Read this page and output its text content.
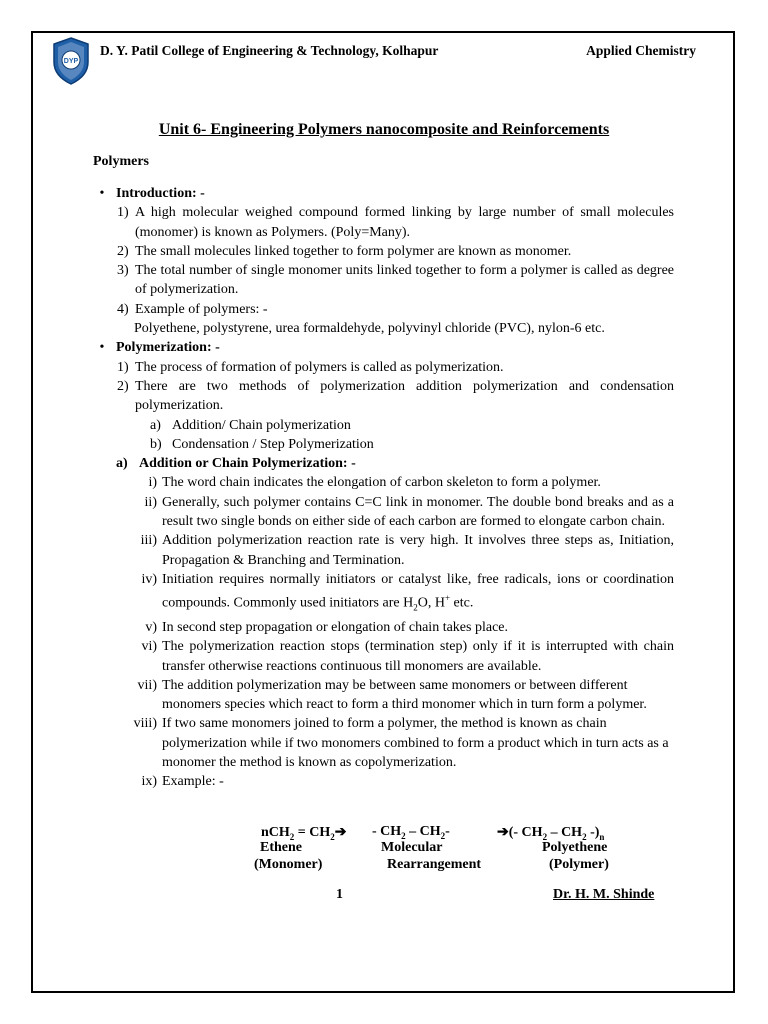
DYP
D. Y. Patil College of Engineering & Technology, Kolhapur	Applied Chemistry
Unit 6- Engineering Polymers nanocomposite and Reinforcements
Polymers
• Introduction: -
1) A high molecular weighed compound formed linking by large number of small molecules (monomer) is known as Polymers. (Poly=Many).
2) The small molecules linked together to form polymer are known as monomer.
3) The total number of single monomer units linked together to form a polymer is called as degree of polymerization.
4) Example of polymers: -
Polyethene, polystyrene, urea formaldehyde, polyvinyl chloride (PVC), nylon-6 etc.
• Polymerization: -
1) The process of formation of polymers is called as polymerization.
2) There are two methods of polymerization addition polymerization and condensation polymerization.
a) Addition/ Chain polymerization
b) Condensation / Step Polymerization
a) Addition or Chain Polymerization: -
i) The word chain indicates the elongation of carbon skeleton to form a polymer.
ii) Generally, such polymer contains C=C link in monomer. The double bond breaks and as a result two single bonds on either side of each carbon are formed to elongate carbon chain.
iii) Addition polymerization reaction rate is very high. It involves three steps as, Initiation, Propagation & Branching and Termination.
iv) Initiation requires normally initiators or catalyst like, free radicals, ions or coordination compounds. Commonly used initiators are $H_2O$, H+ etc.
v) In second step propagation or elongation of chain takes place.
vi) The polymerization reaction stops (termination step) only if it is interrupted with chain transfer otherwise reactions continuous till monomers are available.
vii) The addition polymerization may be between same monomers or between different monomers species which react to form a third monomer which in turn form a polymer.
viii) If two same monomers joined to form a polymer, the method is known as chain polymerization while if two monomers combined to form a product which in turn acts as a monomer the method is known as copolymerization.
ix) Example: -
$nCH_2 = CH_2➔ - CH_2 - CH_2-$	➔(- $CH_2 - CH_2$ $-)_n$
Ethene
(Monomer)
Molecular
Rearrangement
Polyethene
(Polymer)
1	Dr. H. M. Shinde
